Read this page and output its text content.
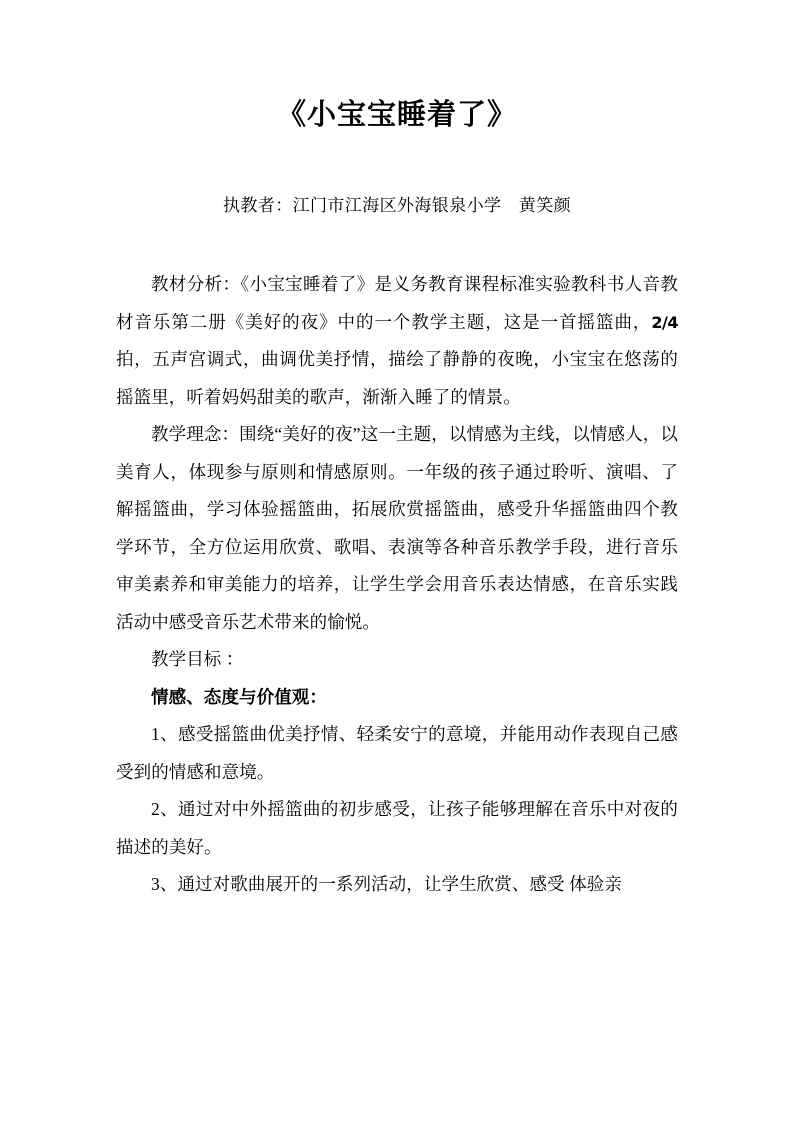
《小宝宝睡着了》

执教者：江门市江海区外海银泉小学　黄笑颜

教材分析：《小宝宝睡着了》是义务教育课程标准实验教科书人音教材音乐第二册《美好的夜》中的一个教学主题，这是一首摇篮曲，2/4拍，五声宫调式，曲调优美抒情，描绘了静静的夜晚，小宝宝在悠荡的摇篮里，听着妈妈甜美的歌声，渐渐入睡了的情景。

教学理念：围绕“美好的夜”这一主题，以情感为主线，以情感人，以美育人，体现参与原则和情感原则。一年级的孩子通过聆听、演唱、了解摇篮曲，学习体验摇篮曲，拓展欣赏摇篮曲，感受升华摇篮曲四个教学环节，全方位运用欣赏、歌唱、表演等各种音乐教学手段，进行音乐审美素养和审美能力的培养，让学生学会用音乐表达情感，在音乐实践活动中感受音乐艺术带来的愉悦。

教学目标 ：

情感、态度与价值观：

1、感受摇篮曲优美抒情、轻柔安宁的意境，并能用动作表现自己感受到的情感和意境。

2、通过对中外摇篮曲的初步感受，让孩子能够理解在音乐中对夜的描述的美好。

3、通过对歌曲展开的一系列活动，让学生欣赏、感受 体验亲
